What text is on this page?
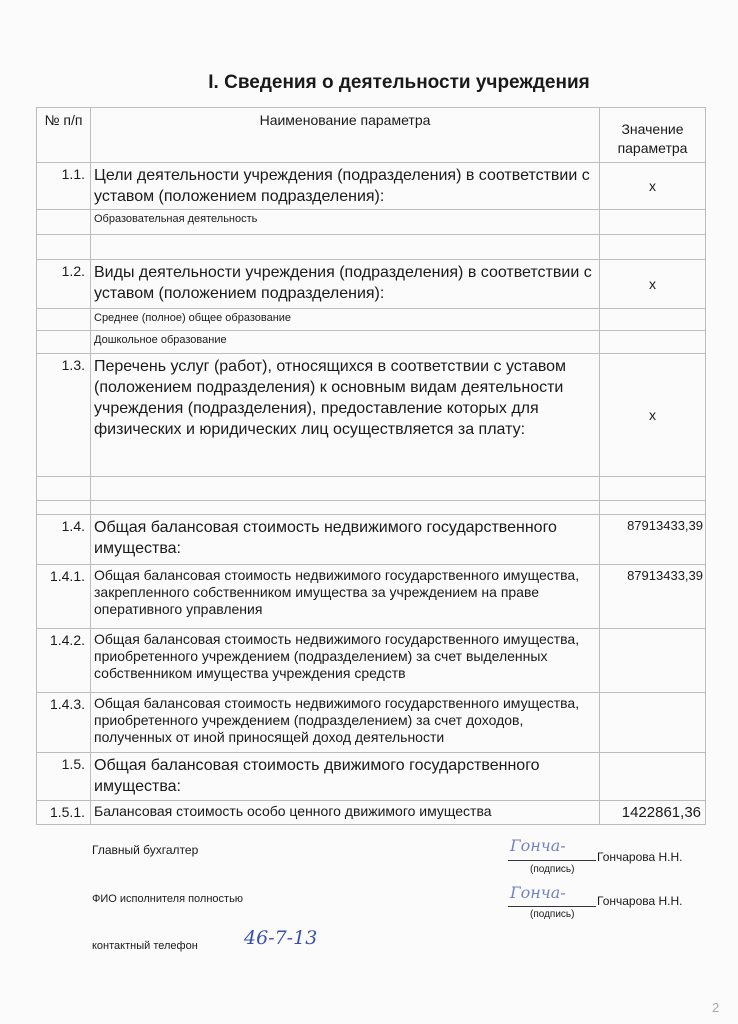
I. Сведения о деятельности учреждения
№ п/п	Наименование параметра	Значение параметра
1.1.	Цели деятельности учреждения (подразделения) в соответствии с уставом (положением подразделения):	x
	Образовательная деятельность	

1.2.	Виды деятельности учреждения (подразделения) в соответствии с уставом (положением подразделения):	x
	Среднее (полное) общее образование	
	Дошкольное образование	
1.3.	Перечень услуг (работ), относящихся в соответствии с уставом (положением подразделения) к основным видам деятельности учреждения (подразделения), предоставление которых для физических и юридических лиц осуществляется за плату:	x

1.4.	Общая балансовая стоимость недвижимого государственного имущества:	87913433,39
1.4.1.	Общая балансовая стоимость недвижимого государственного имущества, закрепленного собственником имущества за учреждением на праве оперативного управления	87913433,39
1.4.2.	Общая балансовая стоимость недвижимого государственного имущества, приобретенного учреждением (подразделением) за счет выделенных собственником имущества учреждения средств	
1.4.3.	Общая балансовая стоимость недвижимого государственного имущества, приобретенного учреждением (подразделением) за счет доходов, полученных от иной приносящей доход деятельности	
1.5.	Общая балансовая стоимость движимого государственного имущества:	
1.5.1.	Балансовая стоимость особо ценного движимого имущества	1422861,36
Главный бухгалтер	Гонча-
Гончарова Н.Н.
(подпись)
ФИО исполнителя полностью	Гонча-	Гончарова Н.Н.
(подпись)
контактный телефон 46-7-13
2
